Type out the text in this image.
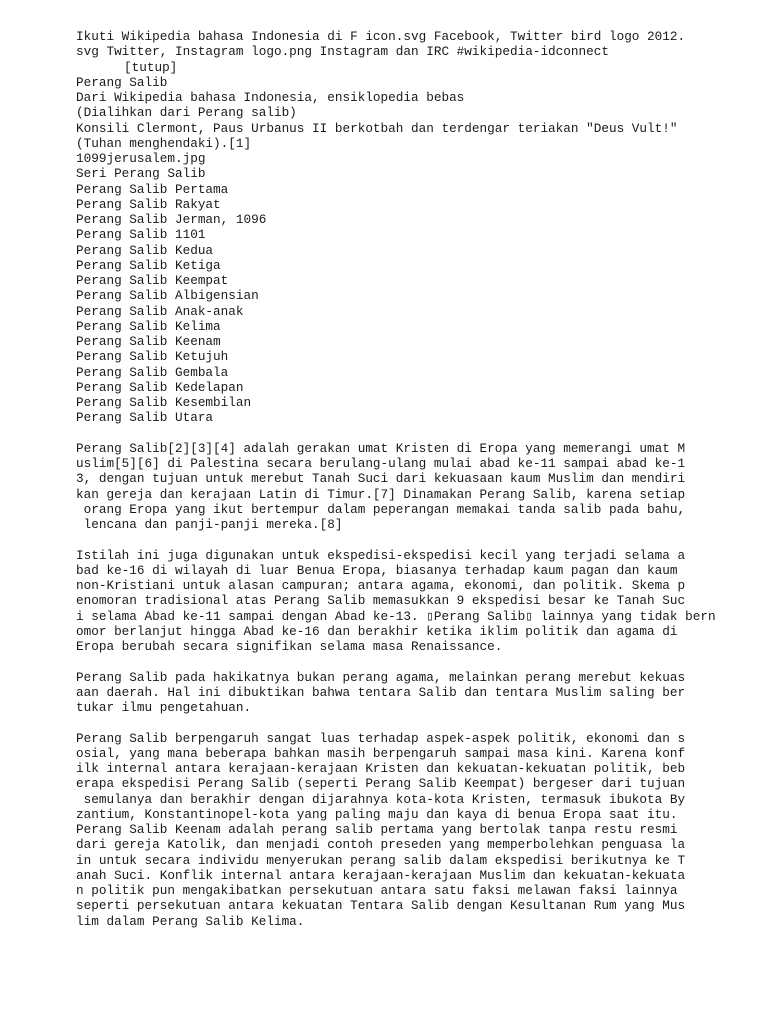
Ikuti Wikipedia bahasa Indonesia di F icon.svg Facebook, Twitter bird logo 2012.
svg Twitter, Instagram logo.png Instagram dan IRC #wikipedia-idconnect
[tutup]
Perang Salib
Dari Wikipedia bahasa Indonesia, ensiklopedia bebas
(Dialihkan dari Perang salib)
Konsili Clermont, Paus Urbanus II berkotbah dan terdengar teriakan "Deus Vult!"
(Tuhan menghendaki).[1]
1099jerusalem.jpg
Seri Perang Salib
Perang Salib Pertama
Perang Salib Rakyat
Perang Salib Jerman, 1096
Perang Salib 1101
Perang Salib Kedua
Perang Salib Ketiga
Perang Salib Keempat
Perang Salib Albigensian
Perang Salib Anak-anak
Perang Salib Kelima
Perang Salib Keenam
Perang Salib Ketujuh
Perang Salib Gembala
Perang Salib Kedelapan
Perang Salib Kesembilan
Perang Salib Utara
Perang Salib[2][3][4] adalah gerakan umat Kristen di Eropa yang memerangi umat M
uslim[5][6] di Palestina secara berulang-ulang mulai abad ke-11 sampai abad ke-1
3, dengan tujuan untuk merebut Tanah Suci dari kekuasaan kaum Muslim dan mendiri
kan gereja dan kerajaan Latin di Timur.[7] Dinamakan Perang Salib, karena setiap
orang Eropa yang ikut bertempur dalam peperangan memakai tanda salib pada bahu,
lencana dan panji-panji mereka.[8]
Istilah ini juga digunakan untuk ekspedisi-ekspedisi kecil yang terjadi selama a
bad ke-16 di wilayah di luar Benua Eropa, biasanya terhadap kaum pagan dan kaum
non-Kristiani untuk alasan campuran; antara agama, ekonomi, dan politik. Skema p
enomoran tradisional atas Perang Salib memasukkan 9 ekspedisi besar ke Tanah Suc
i selama Abad ke-11 sampai dengan Abad ke-13. ▯Perang Salib▯ lainnya yang tidak bern
omor berlanjut hingga Abad ke-16 dan berakhir ketika iklim politik dan agama di
Eropa berubah secara signifikan selama masa Renaissance.
Perang Salib pada hakikatnya bukan perang agama, melainkan perang merebut kekuas
aan daerah. Hal ini dibuktikan bahwa tentara Salib dan tentara Muslim saling ber
tukar ilmu pengetahuan.
Perang Salib berpengaruh sangat luas terhadap aspek-aspek politik, ekonomi dan s
osial, yang mana beberapa bahkan masih berpengaruh sampai masa kini. Karena konf
ilk internal antara kerajaan-kerajaan Kristen dan kekuatan-kekuatan politik, beb
erapa ekspedisi Perang Salib (seperti Perang Salib Keempat) bergeser dari tujuan
semulanya dan berakhir dengan dijarahnya kota-kota Kristen, termasuk ibukota By
zantium, Konstantinopel-kota yang paling maju dan kaya di benua Eropa saat itu.
Perang Salib Keenam adalah perang salib pertama yang bertolak tanpa restu resmi
dari gereja Katolik, dan menjadi contoh preseden yang memperbolehkan penguasa la
in untuk secara individu menyerukan perang salib dalam ekspedisi berikutnya ke T
anah Suci. Konflik internal antara kerajaan-kerajaan Muslim dan kekuatan-kekuata
n politik pun mengakibatkan persekutuan antara satu faksi melawan faksi lainnya
seperti persekutuan antara kekuatan Tentara Salib dengan Kesultanan Rum yang Mus
lim dalam Perang Salib Kelima.
